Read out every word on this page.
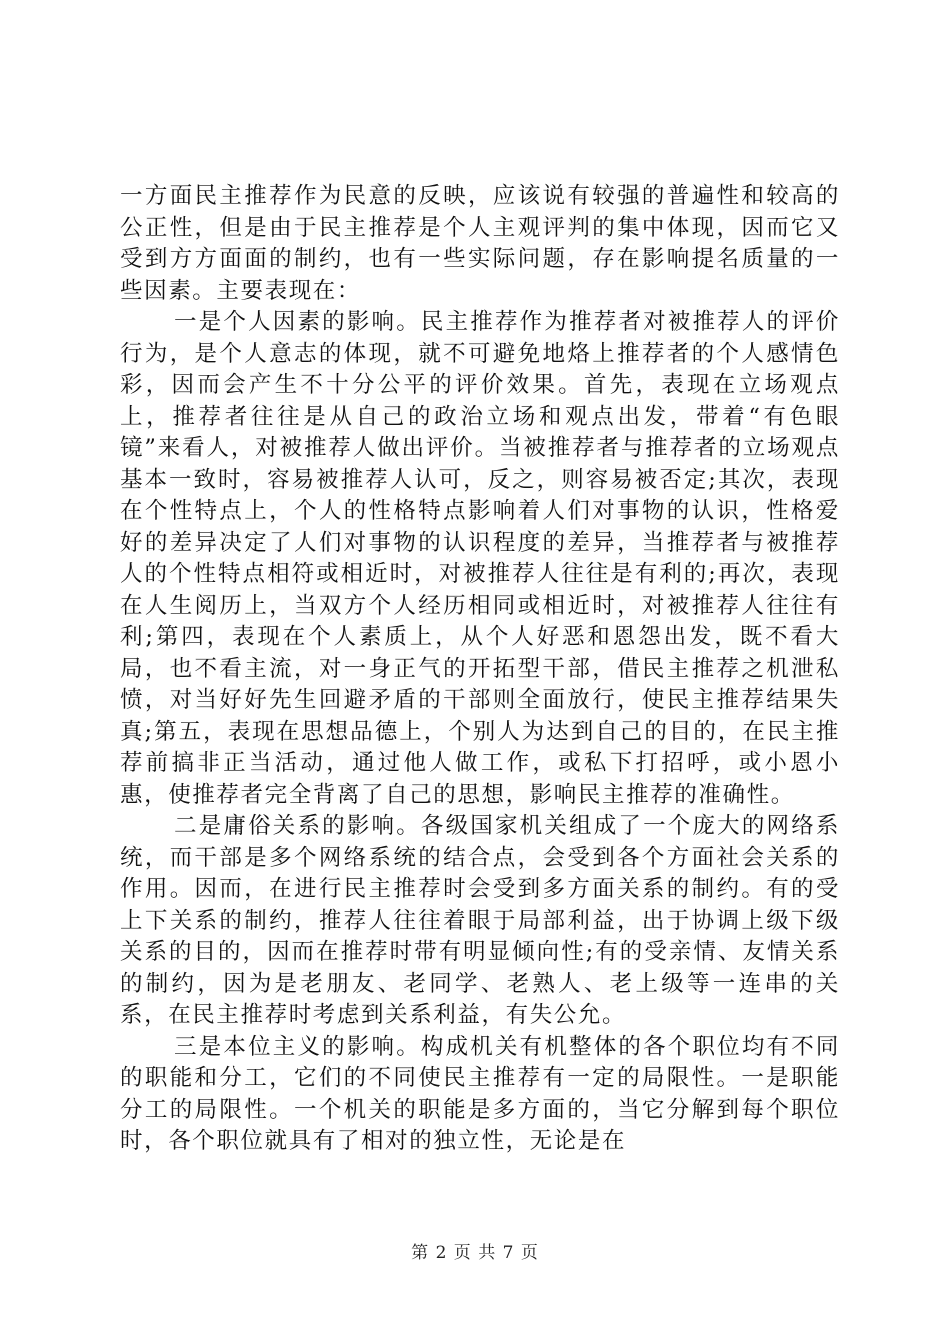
一方面民主推荐作为民意的反映，应该说有较强的普遍性和较高的公正性，但是由于民主推荐是个人主观评判的集中体现，因而它又受到方方面面的制约，也有一些实际问题，存在影响提名质量的一些因素。主要表现在：

一是个人因素的影响。民主推荐作为推荐者对被推荐人的评价行为，是个人意志的体现，就不可避免地烙上推荐者的个人感情色彩，因而会产生不十分公平的评价效果。首先，表现在立场观点上，推荐者往往是从自己的政治立场和观点出发，带着“有色眼镜”来看人，对被推荐人做出评价。当被推荐者与推荐者的立场观点基本一致时，容易被推荐人认可，反之，则容易被否定;其次，表现在个性特点上，个人的性格特点影响着人们对事物的认识，性格爱好的差异决定了人们对事物的认识程度的差异，当推荐者与被推荐人的个性特点相符或相近时，对被推荐人往往是有利的;再次，表现在人生阅历上，当双方个人经历相同或相近时，对被推荐人往往有利;第四，表现在个人素质上，从个人好恶和恩怨出发，既不看大局，也不看主流，对一身正气的开拓型干部，借民主推荐之机泄私愤，对当好好先生回避矛盾的干部则全面放行，使民主推荐结果失真;第五，表现在思想品德上，个别人为达到自己的目的，在民主推荐前搞非正当活动，通过他人做工作，或私下打招呼，或小恩小惠，使推荐者完全背离了自己的思想，影响民主推荐的准确性。

二是庸俗关系的影响。各级国家机关组成了一个庞大的网络系统，而干部是多个网络系统的结合点，会受到各个方面社会关系的作用。因而，在进行民主推荐时会受到多方面关系的制约。有的受上下关系的制约，推荐人往往着眼于局部利益，出于协调上级下级关系的目的，因而在推荐时带有明显倾向性;有的受亲情、友情关系的制约，因为是老朋友、老同学、老熟人、老上级等一连串的关系，在民主推荐时考虑到关系利益，有失公允。

三是本位主义的影响。构成机关有机整体的各个职位均有不同的职能和分工，它们的不同使民主推荐有一定的局限性。一是职能分工的局限性。一个机关的职能是多方面的，当它分解到每个职位时，各个职位就具有了相对的独立性，无论是在

第 2 页 共 7 页
